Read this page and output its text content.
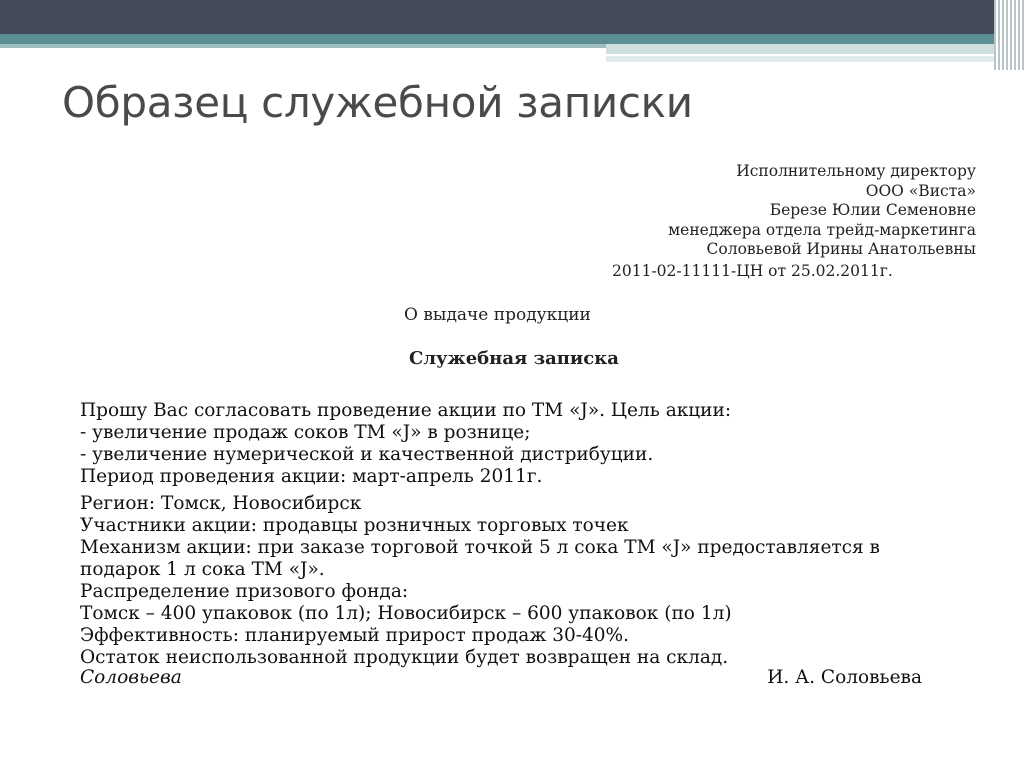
Образец служебной записки
Исполнительному директору
ООО «Виста»
Березе Юлии Семеновне
менеджера отдела трейд-маркетинга
Соловьевой Ирины Анатольевны
2011-02-11111-ЦН от 25.02.2011г.
О выдаче продукции
Служебная записка
Прошу Вас согласовать проведение акции по ТМ «J». Цель акции:
- увеличение продаж соков ТМ «J» в рознице;
- увеличение нумерической и качественной дистрибуции.
Период проведения акции: март-апрель 2011г.
Регион: Томск, Новосибирск
Участники акции: продавцы розничных торговых точек
Механизм акции: при заказе торговой точкой 5 л сока ТМ «J» предоставляется в
подарок 1 л сока ТМ «J».
Распределение призового фонда:
Томск – 400 упаковок (по 1л); Новосибирск – 600 упаковок (по 1л)
Эффективность: планируемый прирост продаж 30-40%.
Остаток неиспользованной продукции будет возвращен на склад.
Соловьева	И. А. Соловьева
